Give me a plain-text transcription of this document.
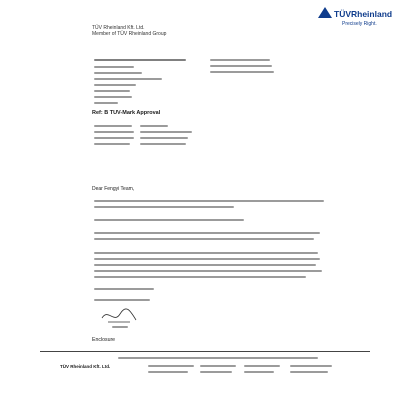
TÜV Rheinland Kft. Ltd.
Member of TÜV Rheinland Group
TÜVRheinland
Precisely Right.
Ref: B TUV-Mark Approval
Dear Fengyi Team,
Enclosure
TÜV Rheinland Kft. Ltd.
